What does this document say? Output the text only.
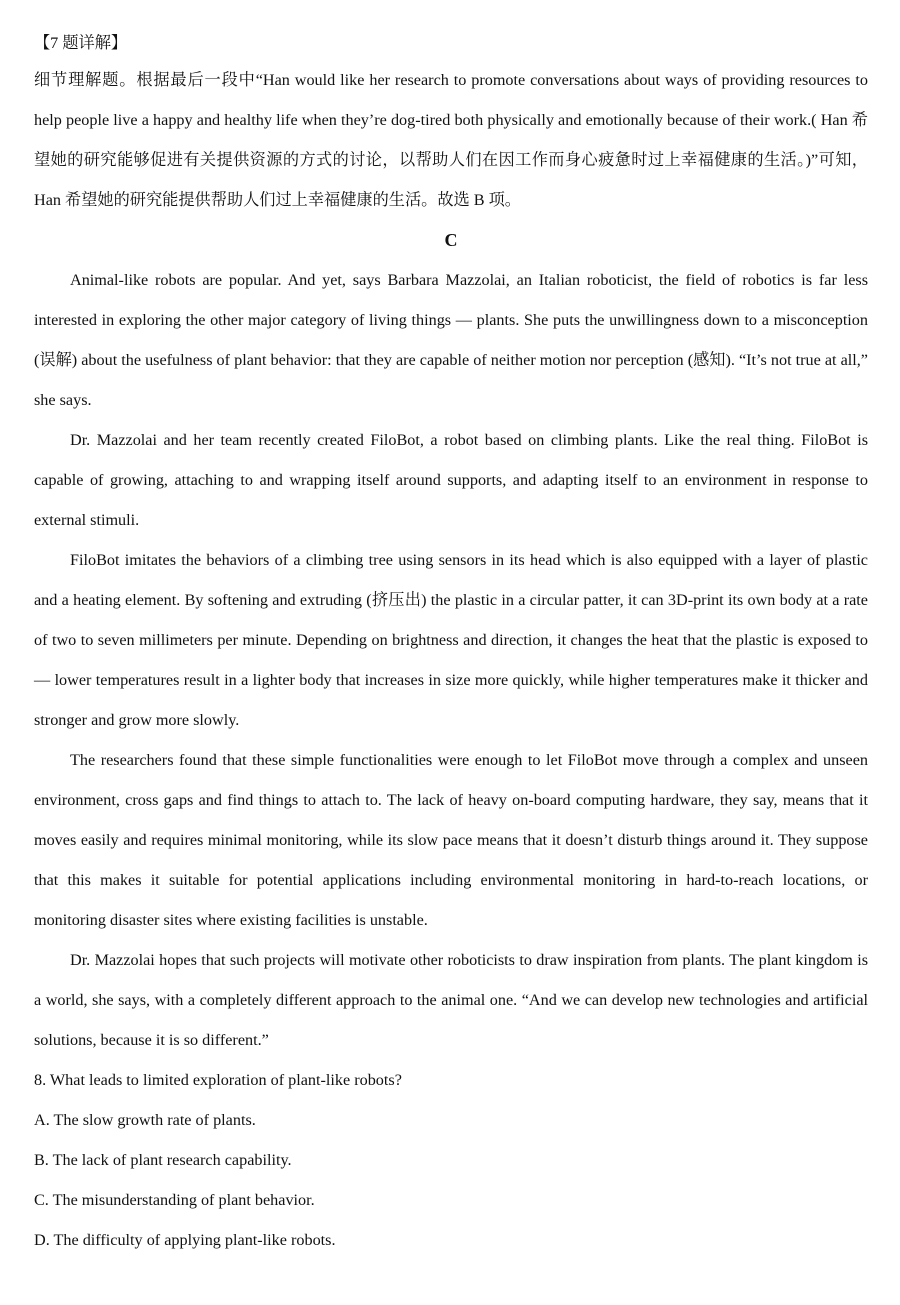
【7 题详解】

细节理解题。根据最后一段中“Han would like her research to promote conversations about ways of providing resources to help people live a happy and healthy life when they’re dog-tired both physically and emotionally because of their work.( Han 希望她的研究能够促进有关提供资源的方式的讨论，以帮助人们在因工作而身心疲惫时过上幸福健康的生活。)”可知，Han 希望她的研究能提供帮助人们过上幸福健康的生活。故选 B 项。

C

Animal-like robots are popular. And yet, says Barbara Mazzolai, an Italian roboticist, the field of robotics is far less interested in exploring the other major category of living things — plants. She puts the unwillingness down to a misconception (误解) about the usefulness of plant behavior: that they are capable of neither motion nor perception (感知). “It’s not true at all,” she says.

Dr. Mazzolai and her team recently created FiloBot, a robot based on climbing plants. Like the real thing. FiloBot is capable of growing, attaching to and wrapping itself around supports, and adapting itself to an environment in response to external stimuli.

FiloBot imitates the behaviors of a climbing tree using sensors in its head which is also equipped with a layer of plastic and a heating element. By softening and extruding (挤压出) the plastic in a circular patter, it can 3D-print its own body at a rate of two to seven millimeters per minute. Depending on brightness and direction, it changes the heat that the plastic is exposed to — lower temperatures result in a lighter body that increases in size more quickly, while higher temperatures make it thicker and stronger and grow more slowly.

The researchers found that these simple functionalities were enough to let FiloBot move through a complex and unseen environment, cross gaps and find things to attach to. The lack of heavy on-board computing hardware, they say, means that it moves easily and requires minimal monitoring, while its slow pace means that it doesn’t disturb things around it. They suppose that this makes it suitable for potential applications including environmental monitoring in hard-to-reach locations, or monitoring disaster sites where existing facilities is unstable.

Dr. Mazzolai hopes that such projects will motivate other roboticists to draw inspiration from plants. The plant kingdom is a world, she says, with a completely different approach to the animal one. “And we can develop new technologies and artificial solutions, because it is so different.”

8. What leads to limited exploration of plant-like robots?

A. The slow growth rate of plants.

B. The lack of plant research capability.

C. The misunderstanding of plant behavior.

D. The difficulty of applying plant-like robots.
